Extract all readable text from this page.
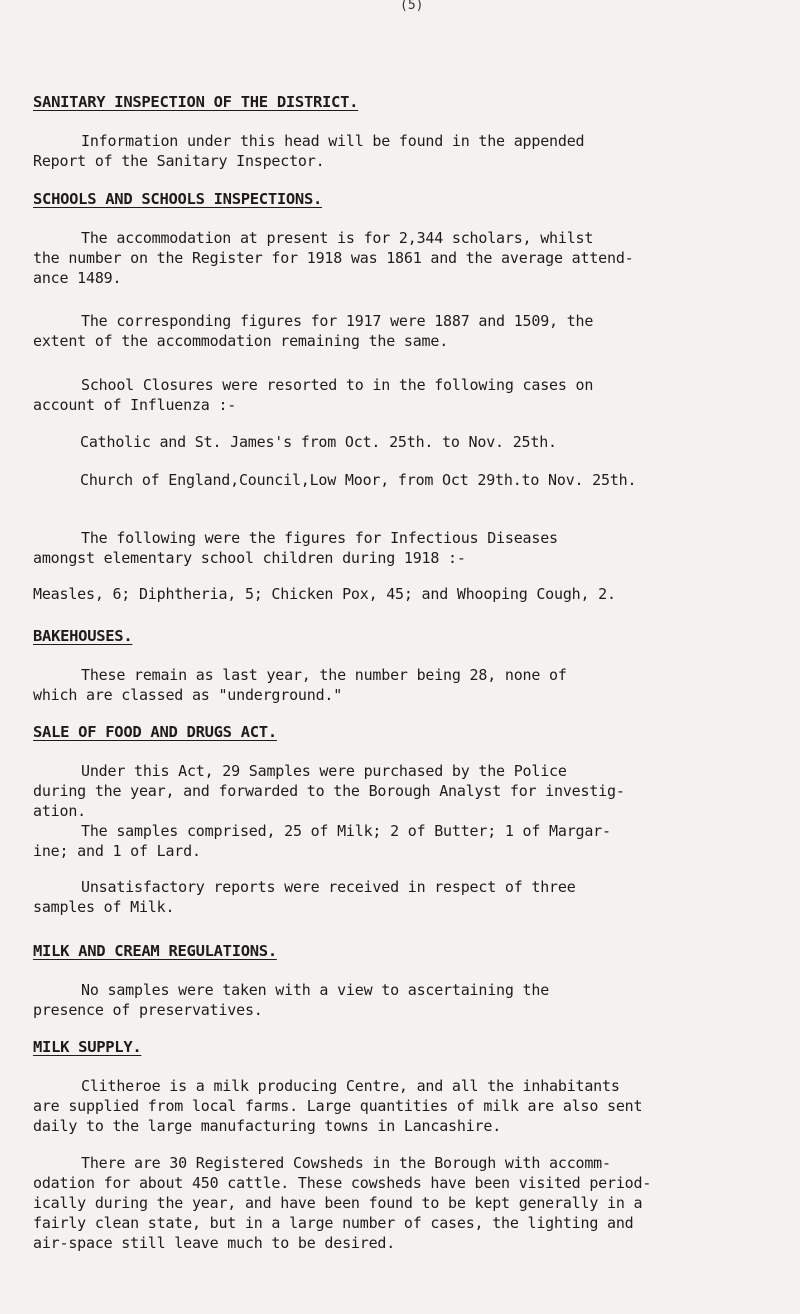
(5)
SANITARY INSPECTION OF THE DISTRICT.
Information under this head will be found in the appended
Report of the Sanitary Inspector.
SCHOOLS AND SCHOOLS INSPECTIONS.
The accommodation at present is for 2,344 scholars, whilst
the number on the Register for 1918 was 1861 and the average attend-
ance 1489.
The corresponding figures for 1917 were 1887 and 1509, the
extent of the accommodation remaining the same.
School Closures were resorted to in the following cases on
account of Influenza :-
Catholic and St. James's from Oct. 25th. to Nov. 25th.
Church of England,Council,Low Moor, from Oct 29th.to Nov. 25th.
The following were the figures for Infectious Diseases
amongst elementary school children during 1918 :-
Measles, 6; Diphtheria, 5; Chicken Pox, 45; and Whooping Cough, 2.
BAKEHOUSES.
These remain as last year, the number being 28, none of
which are classed as "underground."
SALE OF FOOD AND DRUGS ACT.
Under this Act, 29 Samples were purchased by the Police
during the year, and forwarded to the Borough Analyst for investig-
ation.
The samples comprised, 25 of Milk; 2 of Butter; 1 of Margar-
ine; and 1 of Lard.
Unsatisfactory reports were received in respect of three
samples of Milk.
MILK AND CREAM REGULATIONS.
No samples were taken with a view to ascertaining the
presence of preservatives.
MILK SUPPLY.
Clitheroe is a milk producing Centre, and all the inhabitants
are supplied from local farms. Large quantities of milk are also sent
daily to the large manufacturing towns in Lancashire.
There are 30 Registered Cowsheds in the Borough with accomm-
odation for about 450 cattle. These cowsheds have been visited period-
ically during the year, and have been found to be kept generally in a
fairly clean state, but in a large number of cases, the lighting and
air-space still leave much to be desired.
